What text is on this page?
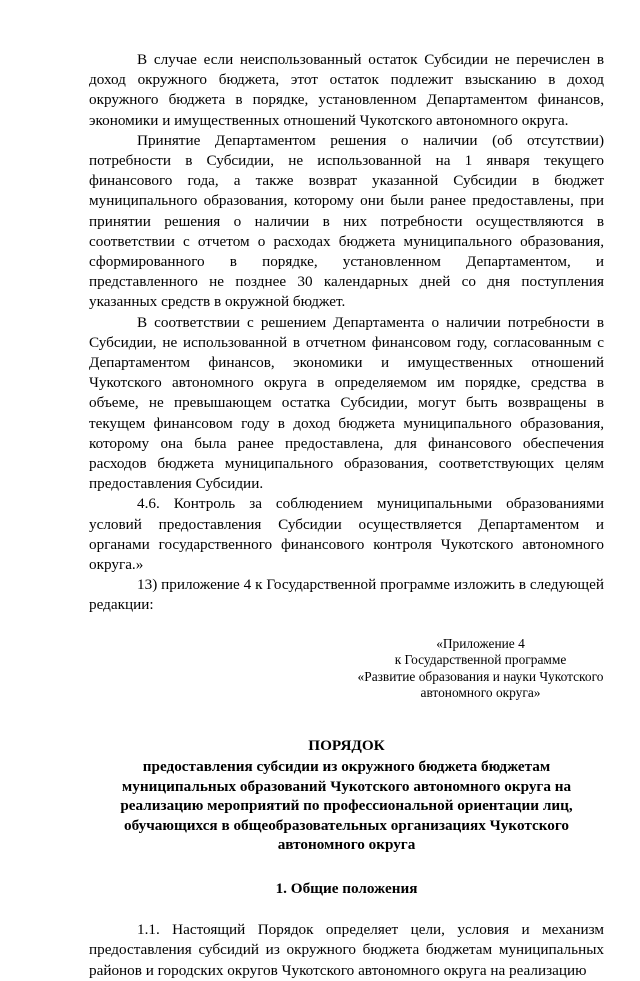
В случае если неиспользованный остаток Субсидии не перечислен в доход окружного бюджета, этот остаток подлежит взысканию в доход окружного бюджета в порядке, установленном Департаментом финансов, экономики и имущественных отношений Чукотского автономного округа.

Принятие Департаментом решения о наличии (об отсутствии) потребности в Субсидии, не использованной на 1 января текущего финансового года, а также возврат указанной Субсидии в бюджет муниципального образования, которому они были ранее предоставлены, при принятии решения о наличии в них потребности осуществляются в соответствии с отчетом о расходах бюджета муниципального образования, сформированного в порядке, установленном Департаментом, и представленного не позднее 30 календарных дней со дня поступления указанных средств в окружной бюджет.

В соответствии с решением Департамента о наличии потребности в Субсидии, не использованной в отчетном финансовом году, согласованным с Департаментом финансов, экономики и имущественных отношений Чукотского автономного округа в определяемом им порядке, средства в объеме, не превышающем остатка Субсидии, могут быть возвращены в текущем финансовом году в доход бюджета муниципального образования, которому она была ранее предоставлена, для финансового обеспечения расходов бюджета муниципального образования, соответствующих целям предоставления Субсидии.

4.6. Контроль за соблюдением муниципальными образованиями условий предоставления Субсидии осуществляется Департаментом и органами государственного финансового контроля Чукотского автономного округа.»

13) приложение 4 к Государственной программе изложить в следующей редакции:

«Приложение 4
к Государственной программе
«Развитие образования и науки Чукотского
автономного округа»
ПОРЯДОК
предоставления субсидии из окружного бюджета бюджетам муниципальных образований Чукотского автономного округа на реализацию мероприятий по профессиональной ориентации лиц, обучающихся в общеобразовательных организациях Чукотского автономного округа
1. Общие положения

1.1. Настоящий Порядок определяет цели, условия и механизм предоставления субсидий из окружного бюджета бюджетам муниципальных районов и городских округов Чукотского автономного округа на реализацию
